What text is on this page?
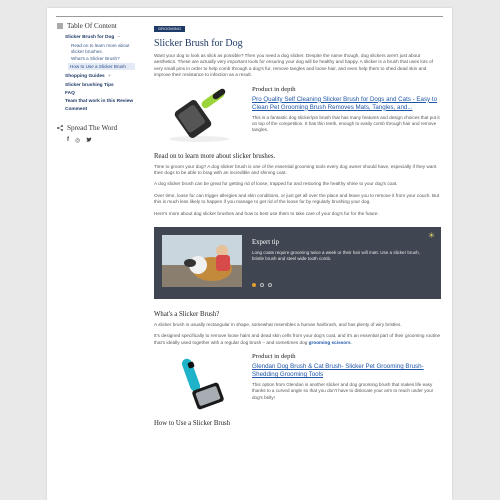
Table Of Content
Slicker Brush for Dog –
Read on to learn more about slicker brushes.
What's a Slicker Brush?
How to Use a Slicker Brush
Shopping Guides +
Slicker brushing Tips
FAQ
Team that work in this Review
Comment
Spread The Word
f ◎
GROOMING
Slicker Brush for Dog

Want your dog to look as slick as possible? Then you need a dog slicker. Despite the name though, dog slickers aren't just about aesthetics. These are actually very important tools for ensuring your dog will be healthy and happy. A slicker is a brush that uses lots of very small pins in order to help comb through a dog's fur, remove tangles and loose hair, and even help them to shed dead skin and improve their resistance to infection as a result.

Product in depth
Pro Quality Self Cleaning Slicker Brush for Dogs and Cats - Easy to Clean Pet Grooming Brush Removes Mats, Tangles, and...
This is a fantastic dog slicker/pin brush that has many features and design choices that put it on top of the competition. It has thin teeth, enough to easily comb through hair and remove tangles.
Read on to learn more about slicker brushes.

Time to groom your dog? A dog slicker brush is one of the essential grooming tools every dog owner should have, especially if they want their dogs to be able to brag with an incredible and shining coat.

A dog slicker brush can be great for getting rid of loose, trapped fur and restoring the healthy shine to your dog's coat.

Over time, loose fur can trigger allergies and skin conditions, or just get all over the place and leave you to remove it from your couch. But this is much less likely to happen if you manage to get rid of the loose fur by regularly brushing your dog.

Here's more about dog slicker brushes and how to best use them to take care of your dog's fur for the future.

☀
Expert tip
Long coats require grooming twice a week or their hair will matt. Use a slicker brush, bristle brush and steel wide tooth comb.
What's a Slicker Brush?

A slicker brush is usually rectangular in shape, somewhat resembles a human hairbrush, and has plenty of wiry bristles.

It's designed specifically to remove loose hairs and dead skin cells from your dog's coat, and it's an essential part of their grooming routine that's ideally used together with a regular dog brush – and sometimes dog grooming scissors.

Product in depth
Glendan Dog Brush & Cat Brush- Slicker Pet Grooming Brush- Shedding Grooming Tools
This option from Glendan is another slicker and dog grooming brush that makes life easy thanks to a curved angle so that you don't have to dislocate your arm to reach under your dog's belly!
How to Use a Slicker Brush
